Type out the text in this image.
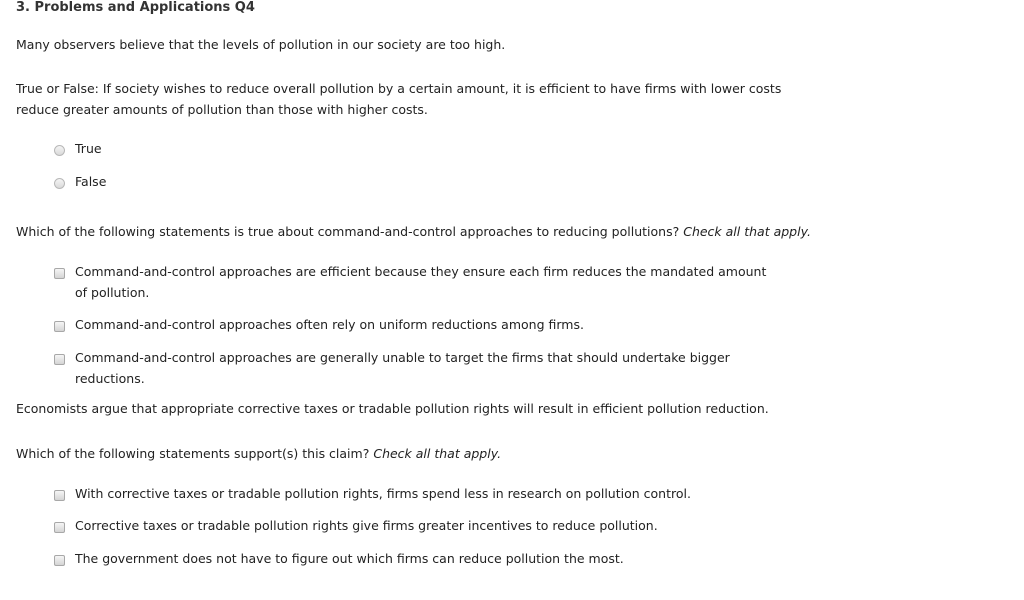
3. Problems and Applications Q4
Many observers believe that the levels of pollution in our society are too high.
True or False: If society wishes to reduce overall pollution by a certain amount, it is efficient to have firms with lower costs reduce greater amounts of pollution than those with higher costs.
True
False
Which of the following statements is true about command-and-control approaches to reducing pollutions? Check all that apply.
Command-and-control approaches are efficient because they ensure each firm reduces the mandated amount of pollution.
Command-and-control approaches often rely on uniform reductions among firms.
Command-and-control approaches are generally unable to target the firms that should undertake bigger reductions.
Economists argue that appropriate corrective taxes or tradable pollution rights will result in efficient pollution reduction.
Which of the following statements support(s) this claim? Check all that apply.
With corrective taxes or tradable pollution rights, firms spend less in research on pollution control.
Corrective taxes or tradable pollution rights give firms greater incentives to reduce pollution.
The government does not have to figure out which firms can reduce pollution the most.
